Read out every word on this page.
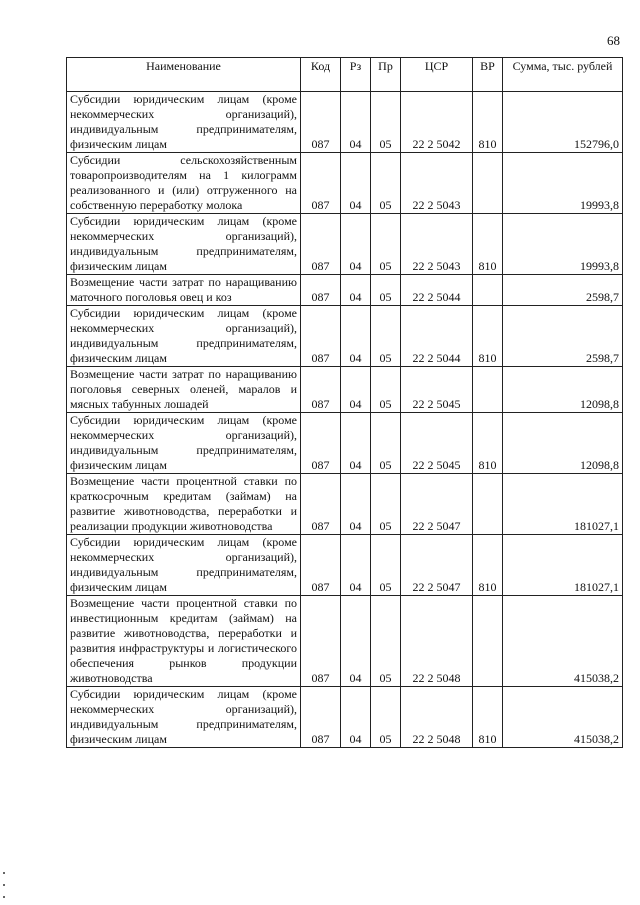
68
Наименование	Код	Рз	Пр	ЦСР	ВР	Сумма, тыс. рублей
Субсидии юридическим лицам (кроме некоммерческих организаций), индивидуальным предпринимателям, физическим лицам	087	04	05	22 2 5042	810	152796,0
Субсидии сельскохозяйственным товаропроизводителям на 1 килограмм реализованного и (или) отгруженного на собственную переработку молока	087	04	05	22 2 5043		19993,8
Субсидии юридическим лицам (кроме некоммерческих организаций), индивидуальным предпринимателям, физическим лицам	087	04	05	22 2 5043	810	19993,8
Возмещение части затрат по наращиванию маточного поголовья овец и коз	087	04	05	22 2 5044		2598,7
Субсидии юридическим лицам (кроме некоммерческих организаций), индивидуальным предпринимателям, физическим лицам	087	04	05	22 2 5044	810	2598,7
Возмещение части затрат по наращиванию поголовья северных оленей, маралов и мясных табунных лошадей	087	04	05	22 2 5045		12098,8
Субсидии юридическим лицам (кроме некоммерческих организаций), индивидуальным предпринимателям, физическим лицам	087	04	05	22 2 5045	810	12098,8
Возмещение части процентной ставки по краткосрочным кредитам (займам) на развитие животноводства, переработки и реализации продукции животноводства	087	04	05	22 2 5047		181027,1
Субсидии юридическим лицам (кроме некоммерческих организаций), индивидуальным предпринимателям, физическим лицам	087	04	05	22 2 5047	810	181027,1
Возмещение части процентной ставки по инвестиционным кредитам (займам) на развитие животноводства, переработки и развития инфраструктуры и логистического обеспечения рынков продукции животноводства	087	04	05	22 2 5048		415038,2
Субсидии юридическим лицам (кроме некоммерческих организаций), индивидуальным предпринимателям, физическим лицам	087	04	05	22 2 5048	810	415038,2
